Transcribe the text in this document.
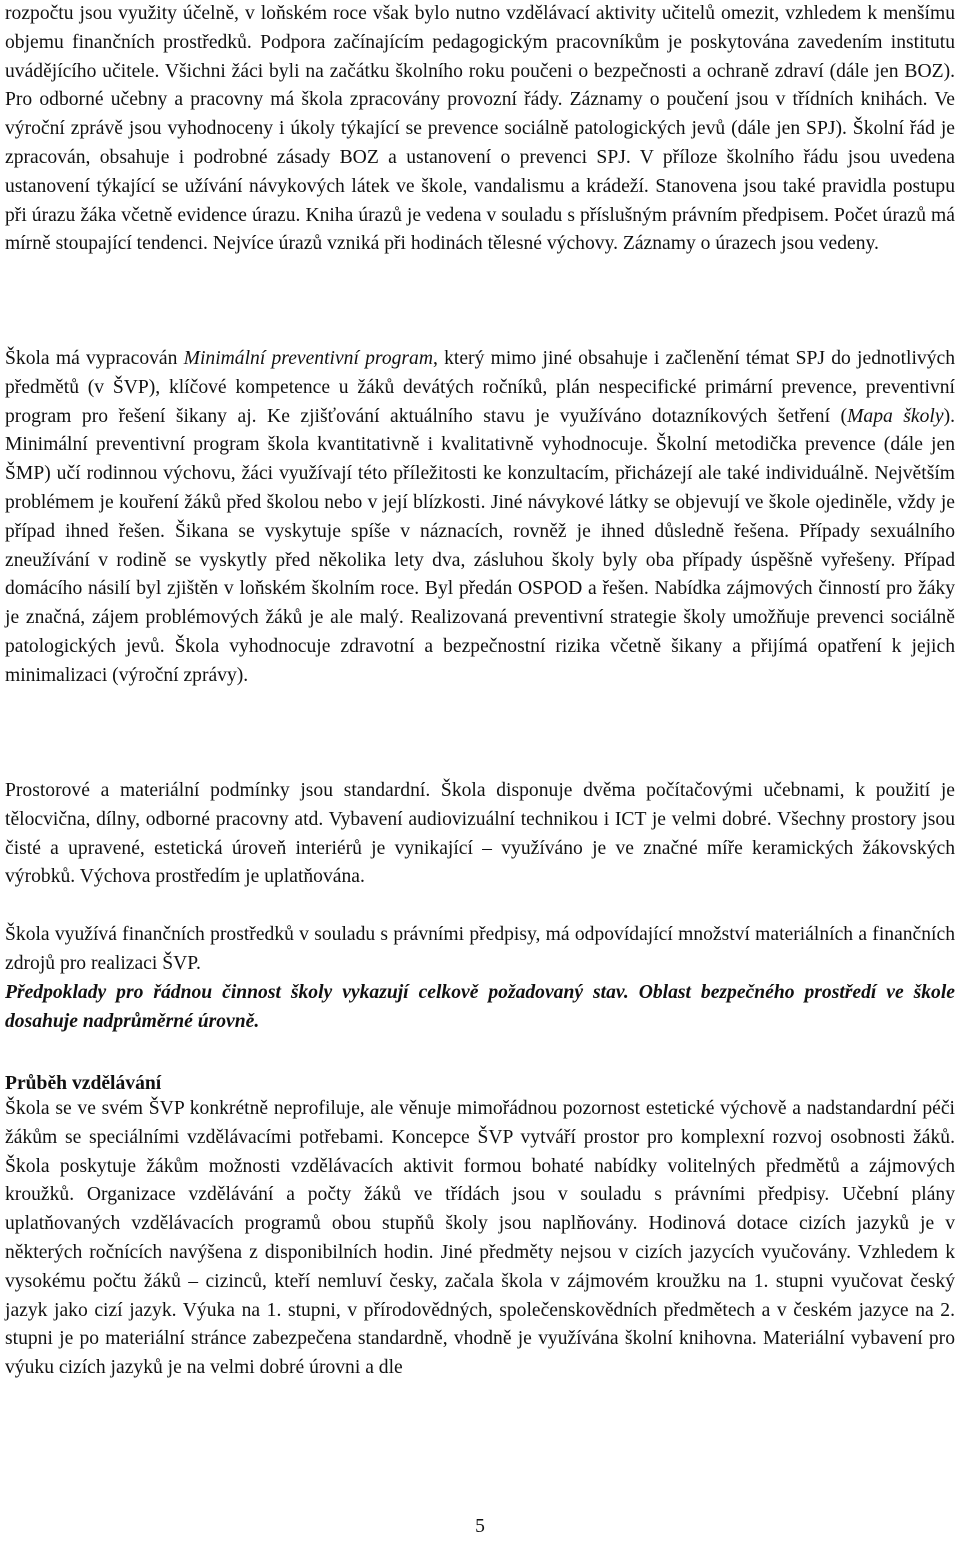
rozpočtu jsou využity účelně, v loňském roce však bylo nutno vzdělávací aktivity učitelů omezit, vzhledem k menšímu objemu finančních prostředků. Podpora začínajícím pedagogickým pracovníkům je poskytována zavedením institutu uvádějícího učitele. Všichni žáci byli na začátku školního roku poučeni o bezpečnosti a ochraně zdraví (dále jen BOZ). Pro odborné učebny a pracovny má škola zpracovány provozní řády. Záznamy o poučení jsou v třídních knihách. Ve výroční zprávě jsou vyhodnoceny i úkoly týkající se prevence sociálně patologických jevů (dále jen SPJ). Školní řád je zpracován, obsahuje i podrobné zásady BOZ a ustanovení o prevenci SPJ. V příloze školního řádu jsou uvedena ustanovení týkající se užívání návykových látek ve škole, vandalismu a krádeží. Stanovena jsou také pravidla postupu při úrazu žáka včetně evidence úrazu. Kniha úrazů je vedena v souladu s příslušným právním předpisem. Počet úrazů má mírně stoupající tendenci. Nejvíce úrazů vzniká při hodinách tělesné výchovy. Záznamy o úrazech jsou vedeny.

Škola má vypracován Minimální preventivní program, který mimo jiné obsahuje i začlenění témat SPJ do jednotlivých předmětů (v ŠVP), klíčové kompetence u žáků devátých ročníků, plán nespecifické primární prevence, preventivní program pro řešení šikany aj. Ke zjišťování aktuálního stavu je využíváno dotazníkových šetření (Mapa školy). Minimální preventivní program škola kvantitativně i kvalitativně vyhodnocuje. Školní metodička prevence (dále jen ŠMP) učí rodinnou výchovu, žáci využívají této příležitosti ke konzultacím, přicházejí ale také individuálně. Největším problémem je kouření žáků před školou nebo v její blízkosti. Jiné návykové látky se objevují ve škole ojediněle, vždy je případ ihned řešen. Šikana se vyskytuje spíše v náznacích, rovněž je ihned důsledně řešena. Případy sexuálního zneužívání v rodině se vyskytly před několika lety dva, zásluhou školy byly oba případy úspěšně vyřešeny. Případ domácího násilí byl zjištěn v loňském školním roce. Byl předán OSPOD a řešen. Nabídka zájmových činností pro žáky je značná, zájem problémových žáků je ale malý. Realizovaná preventivní strategie školy umožňuje prevenci sociálně patologických jevů. Škola vyhodnocuje zdravotní a bezpečnostní rizika včetně šikany a přijímá opatření k jejich minimalizaci (výroční zprávy).

Prostorové a materiální podmínky jsou standardní. Škola disponuje dvěma počítačovými učebnami, k použití je tělocvična, dílny, odborné pracovny atd. Vybavení audiovizuální technikou i ICT je velmi dobré. Všechny prostory jsou čisté a upravené, estetická úroveň interiérů je vynikající – využíváno je ve značné míře keramických žákovských výrobků. Výchova prostředím je uplatňována.

Škola využívá finančních prostředků v souladu s právními předpisy, má odpovídající množství materiálních a finančních zdrojů pro realizaci ŠVP.

Předpoklady pro řádnou činnost školy vykazují celkově požadovaný stav. Oblast bezpečného prostředí ve škole dosahuje nadprůměrné úrovně.

Průběh vzdělávání

Škola se ve svém ŠVP konkrétně neprofiluje, ale věnuje mimořádnou pozornost estetické výchově a nadstandardní péči žákům se speciálními vzdělávacími potřebami. Koncepce ŠVP vytváří prostor pro komplexní rozvoj osobnosti žáků. Škola poskytuje žákům možnosti vzdělávacích aktivit formou bohaté nabídky volitelných předmětů a zájmových kroužků. Organizace vzdělávání a počty žáků ve třídách jsou v souladu s právními předpisy. Učební plány uplatňovaných vzdělávacích programů obou stupňů školy jsou naplňovány. Hodinová dotace cizích jazyků je v některých ročnících navýšena z disponibilních hodin. Jiné předměty nejsou v cizích jazycích vyučovány. Vzhledem k vysokému počtu žáků – cizinců, kteří nemluví česky, začala škola v zájmovém kroužku na 1. stupni vyučovat český jazyk jako cizí jazyk. Výuka na 1. stupni, v přírodovědných, společenskovědních předmětech a v českém jazyce na 2. stupni je po materiální stránce zabezpečena standardně, vhodně je využívána školní knihovna. Materiální vybavení pro výuku cizích jazyků je na velmi dobré úrovni a dle

5
